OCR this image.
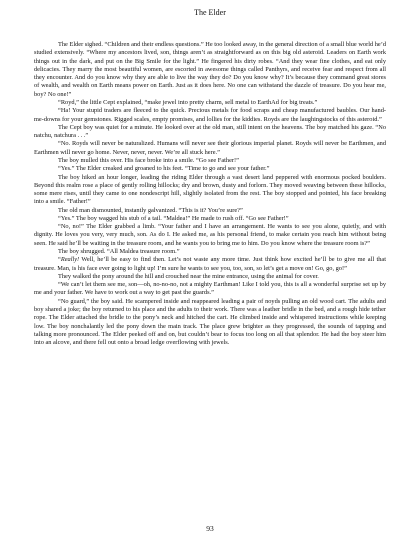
The Elder

The Elder sighed. “Children and their endless questions.” He too looked away, in the general direction of a small blue world he’d studied extensively. “Where my ancestors lived, son, things aren’t as straightforward as on this big old asteroid. Leaders on Earth work things out in the dark, and put on the Big Smile for the light.” He fingered his dirty robes. “And they wear fine clothes, and eat only delicacies. They marry the most beautiful women, are escorted in awesome things called Panthyrs, and receive fear and respect from all they encounter. And do you know why they are able to live the way they do? Do you know why? It’s because they command great stores of wealth, and wealth on Earth means power on Earth. Just as it does here. No one can withstand the dazzle of treasure. Do you hear me, boy? No one!”

“Royd,” the little Cept explained, “make jewel into pretty charm, sell metal to EarthAd for big treats.”

“Ha! Your stupid traders are fleeced to the quick. Precious metals for food scraps and cheap manufactured baubles. Our hand-me-downs for your gemstones. Rigged scales, empty promises, and lollies for the kiddies. Royds are the laughingstocks of this asteroid.”

The Cept boy was quiet for a minute. He looked over at the old man, still intent on the heavens. The boy matched his gaze. “No natchu, natchura . . .”

“No. Royds will never be naturalized. Humans will never see their glorious imperial planet. Royds will never be Earthmen, and Earthmen will never go home. Never, never, never. We’re all stuck here.”

The boy mulled this over. His face broke into a smile. “Go see Father!”

“Yes.” The Elder creaked and groaned to his feet. “Time to go and see your father.”

The boy hiked an hour longer, leading the riding Elder through a vast desert land peppered with enormous pocked boulders. Beyond this realm rose a place of gently rolling hillocks; dry and brown, dusty and forlorn. They moved weaving between these hillocks, some mere rises, until they came to one nondescript hill, slightly isolated from the rest. The boy stopped and pointed, his face breaking into a smile. “Father!”

The old man dismounted, instantly galvanized. “This is it? You’re sure?”

“Yes.” The boy wagged his stub of a tail. “Maldea!” He made to rush off. “Go see Father!”

“No, no!” The Elder grabbed a limb. “Your father and I have an arrangement. He wants to see you alone, quietly, and with dignity. He loves you very, very much, son. As do I. He asked me, as his personal friend, to make certain you reach him without being seen. He said he’ll be waiting in the treasure room, and he wants you to bring me to him. Do you know where the treasure room is?”

The boy shrugged. “All Maldea treasure room.”

“Really! Well, he’ll be easy to find then. Let’s not waste any more time. Just think how excited he’ll be to give me all that treasure. Man, is his face ever going to light up! I’m sure he wants to see you, too, son, so let’s get a move on! Go, go, go!”

They walked the pony around the hill and crouched near the mine entrance, using the animal for cover.

“We can’t let them see me, son—oh, no-no-no, not a mighty Earthman! Like I told you, this is all a wonderful surprise set up by me and your father. We have to work out a way to get past the guards.”

“No guard,” the boy said. He scampered inside and reappeared leading a pair of noyds pulling an old wood cart. The adults and boy shared a joke; the boy returned to his place and the adults to their work. There was a leather bridle in the bed, and a rough hide tether rope. The Elder attached the bridle to the pony’s neck and hitched the cart. He climbed inside and whispered instructions while keeping low. The boy nonchalantly led the pony down the main track. The place grew brighter as they progressed, the sounds of tapping and talking more pronounced. The Elder peeked off and on, but couldn’t bear to focus too long on all that splendor. He had the boy steer him into an alcove, and there fell out onto a broad ledge overflowing with jewels.

93
